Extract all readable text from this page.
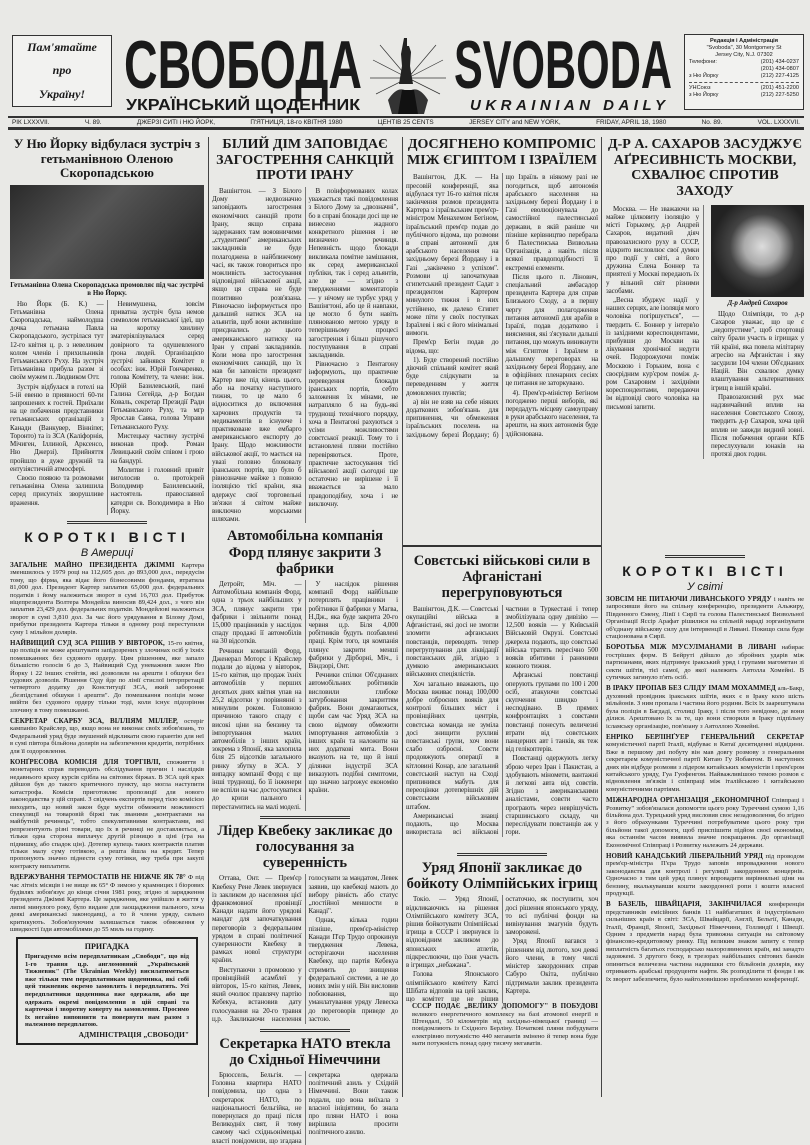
Пам'ятайте
про
Україну! СВОБОДА
УКРАЇНСЬКИЙ ЩОДЕННИК
SVOBODA
UKRAINIAN DAILY
Редакція і Адміністрація
"Svoboda", 30 Montgomery St
Jersey City, N.J. 07302
Телефони:	(201) 434-0237
(201) 434-0807
з Ню Йорку	(212) 227-4125
УНСоюз	(201) 451-2200
з Ню Йорку	(212) 227-5250
РІК LXXXVII.	Ч. 89.	ДЖЕРЗІ СИТІ і НЮ ЙОРК,	П'ЯТНИЦЯ, 18-го КВІТНЯ 1980	ЦЕНТІВ 25 CENTS	JERSEY CITY and NEW YORK,	FRIDAY, APRIL 18, 1980	No. 89.	VOL. LXXXVII.
У Ню Йорку відбулася зустріч з гетьманівною Оленою Скоропадською
Гетьманівна Олена Скоропадська промовляє під час зустрічі в Ню Йорку.

Ню Йорк (Б. К.) — Гетьманівна Олена Скоропадська, наймолодша дочка гетьмана Павла Скоропадського, зустрілася тут 12-го квітня ц. р. з невеликим колом членів і прихильників Гетьманського Руху. На зустріч Гетьманівна прибула разом зі своїм мужем п. Людвиком Отт.

Зустріч відбулася в готелі на 5-ій евеню в приявності 60-ти запрошених к гостей. Приїхали на це побачення представники гетьманських організацій з Канади (Ванкувер, Вінніпег, Торонто) та із ЗСА (Каліфорнія, Мічиген, Іллиной, Арксенсо, Ню Джерзі). Прийняття пройшло в дуже дружній та ентузіястичній атмосфері.

Своєю появою та розмовами гетьманівна Олена залишила серед присутніх зворушливе враження.

Невимушена, зовсім приватна зустріч була немов символом гетьманської ідеї, що на коротку хвилину зматеріялізувалася серед довірного та одушевленого ґрона людей. Організацією зустрічі зайнявся Комітет в особах: інж. Юрій Гончаренко, голова Комітету, та члени: інж. Юрій Базилевський, пані Галина Сегейда, д-р Богдан Коваль, секретар Президії Ради Гетьманського Руху, та мгр Ярослав Савка, голова Управи Гетьманського Руху.

Мистецьку частину зустрічі виконав проф. Роман Левицький своїм співом і грою на бандурі.

Молитви і головний привіт виголосив о. протоієрей Володимир Базилевський, настоятель православної катедри св. Володимира в Ню Йорку.

КОРОТКІ ВІСТІ
В Америці
ЗАГАЛЬНЕ МАЙНО ПРЕЗИДЕНТА ДЖІММІ Картера зменшилось у 1979 році на 112,605 дол. до 893,000 дол., передусім тому, що фірма, яка відає його бізнесовими фондами, втратила 81,000 дол. Президент Картер заплатив 65,000 дол. федеральних податків і йому належиться зворот в сумі 16,703 дол. Прибуток віцепрезидента Волтера Мондейла виносив 89,424 дол., з чого він заплатив 23,429 дол. федеральних податків. Мондейлові належиться зворот в сумі 3,810 дол. За час його урядування в Білому Домі, прибутки президента Картера тільки в одному році переступили суму 1 мільйон долярів.
НАЙВИЩИЙ СУД ЗСА РІШИВ У ВІВТОРОК, 15-го квітня, що поліція не може арештувати запідозрених у злочинах осіб у їхніх помешканнях без судового ордеру. Цим рішенням, яке запало більшістю голосів 6 до 3, Найвищий Суд уневажнив закон Ню Йорку і 22 інших стейтів, які дозволяли на арешти і обшуки без судових дозволів. Рішення Суду йде по лінії стислої інтерпретації четвертого додатку до Конституції ЗСА, який забороняє „безпідставні обшуки і арешти". До помешкання поліція може ввійти без судового ордеру тільки тоді, коли існує підозріння злочину в тому помешканні.
СЕКРЕТАР СКАРБУ ЗСА, ВІЛЛІЯМ МІЛЛЕР, остеріг кампанію Крайслер, що, якщо вона не виконає своїх зобов'язань, то Федеральний уряд буде змушений відкликати свою гарантію для неї в сумі півтора більйона долярів на забезпечення кредитів, потрібних для її оздоровлення.
КОНҐРЕСОВА КОМІСІЯ ДЛЯ ТОРГІВЛІ, споживття і монетарних справ переводить обслідування причин і наслідків недавнього краху курсів срібла на світових біржах. В ЗСА цей крах дійшов був до такого критичного пункту, що могла наступити катастрофа. Комісія приготовляє пропозиції для нового законодавства у цій справі. З свідчень експертів перед тією комісією виходить, що новий закон буде мусіти обмежити можливості спекуляції на товаровій біржі так званими „контрактами на майбутній речинець", тобто спекулятивними контрактами, які репрезентують різні товари, що їх в речинці не доставляється, а тільки одна сторона виплачує другій різницю в ціні (гра на підвишку, або спадок цін). Дотепер купець таких контрактів платив тільки малу суму готівкою, а решта йшла на кредит. Тепер пропонують значно піднести суму готівки, яку треба при закупі контракту виплатити.
ВДЕРЖУВАННЯ ТЕРМОСТАТІВ НЕ НИЖЧЕ ЯК 78° Ф під час літніх місяців і не вище як 65° Ф зимою у крамницях і біорових будівлях зобов'язує до кінця січня 1981 року, згідно зі зарядження президента Джіммі Картера. Це зарядження, яке увійшло в життя у липні минулого року, було видане для заощадження пального, хоча деякі американські законодавці, а то й члени уряду, сильно критикують. Зобов'язуючим залишається також обмеження у швидкості їзди автомобілями до 55 миль на годину.
ПРИГАДКА
Пригадуємо всім передплатникам „Свободи", що від 1-го травня ц.р. англомовний „Український Тижневик" (The Ukrainian Weekly) висилатиметься вже тільки тим передплатникам щоденника, які собі цей тижневик окремо замовлять і передплатять. Усі передплатники щоденника вже одержали, або ще одержать окремі повідомлення в цій справі та карточки і зворотну коверту на замовлення. Просимо їх негайно виповнити та повернути нам разом з належною передплатою.
АДМІНІСТРАЦІЯ „СВОБОДИ"
БІЛИЙ ДІМ ЗАПОВІДАЄ ЗАГОСТРЕННЯ САНКЦІЙ ПРОТИ ІРАНУ

Вашінгтон. — З Білого Дому недвозначно заповідають загострення економічних санкцій проти Ірану, якщо справа задержаних там вояовничими „студентами" американських закладників не буде полагоджена в найближчому часі, як також говориться про можливість застосування відповідної військової акції, якщо ця справа не буде позитивно розв'язана. Рівночасно інформується про дальший натиск ЗСА на альянтів, щоб вони активніше приєднались до цього американського натиску на Іран у справі закладників. Коли мова про загострення економічних санкцій, що їх мав би заповісти президент Картер вже під кінець цього, або на початку наступного тижня, то це мало б відноситися до включення харчових продуктів та медикаментів в існуюче і практиковане вже ембарго американського експорту до Ірану. Щодо можливости військової акції, то мається на увазі головно блоковалу іранських портів, що було б рівнозначне майже з повною ізоляцією тієї країни, яка вдержує свої торговельні зв'язки зі світом майже виключно морськими шляхами.

В поінформованих колах уважається такі повідомлення з Білого Дому за „двозначні", бо в справі блокади досі ще не винесено жадного конкретного рішення і не визначено речинця. Непевність щодо блокади викликала помітне замішання, як серед американської публіки, так і серед альянтів, але це — згідно з твердженнями коментаторів — у нічому не турбує уряд у Вашінгтоні, або це й навпаки, це могло б бути навіть плянованою метою уряду в теперішньому процесі загострення і більш рішучого поступування в справі закладників.

Рівночасно з Пентагону інформують, що практичне переведення блокади іранських портів, себто заложення їх мінами, не натрапляло б на будь-які труднощі технічного порядку, хоча в Пентагоні рахуються з усіми можливостями совєтської реакції. Тому то і встановлені пляни постійно перевіряються. Проте, практичне застосування тієї військової акції сьогодні ще остаточно не вирішене і її вважається за мало правдоподібну, хоча і не виключну.

Автомобільна компанія Форд плянує закрити 3 фабрики

Детройт, Міч. — Автомобільна компанія Форд, одна з трьох найбільших у ЗСА, плянує закрити три фабрики і звільнити понад 15,000 працівників у наслідок спаду продажі її автомобілів на 30 відсотків.

Речники компаній Форд, Дженерал Моторс і Крайслер подали до відома у вівторок, 15-го квітня, що продаж їхніх автомобілів у перших десятьох днях квітня упав на 25,2 відсотки у порівнянні з минулим роком. Головною причиною такого спаду є високі ціни на бензину та імпортування малих автомобілів з інших країн, зокрема з Японії, яка захопила біля 25 відсотків загального ринку збутку в ЗСА. У випадку компанії Форд є ще інші труднощі, бо її інженери не вспіли на час достосуватися до кризи пального і перестawитись на малі моделі.

У наслідок рішення компанії Форд найбільше потерплять працівники і робітники її фабрики у Магва, Н.Дж., яка буде закрита 20-го червня ц.р. Біля 4,000 робітників будуть позбавлені праці. Крім того, ця компанія плянує закрити менші фабрики у Дірборні, Міч., і Віндзорі, Онт.

Речники спілки Об'єднаних автомобільних робітників висловили глибоке затурбовання закриттям фабрик. Вони домагаються, щоби сам час Уряд ЗСА на свою відмову обмежити імпортування автомобілів з інших країн та наложити на них додаткові мита. Вони вказують на те, що й інші ділянки індустрії ЗСА виказують подібні симптоми, що значно загрожує економію країни.

Лідер Квебеку закликає до голосування за суверенність

Оттава, Онт. — Прем'єр Квебеку Рене Левек звернувся із закликом до населення цієї франкомовної провінції Канади надати його урядові мандат для започаткування переговорів з федеральним урядом в справі політичної суверенности Квебеку в рамках нової структури країни.

Виступаючи з промовою у провінційній асамблеї у вівторок, 15-го квітня, Левек, який очолює правлячу партію Кебекуа, встановив дату голосування на 20-го травня ц.р. Закликаючи населення голосувати за мандатом, Левек заявив, що квебекці мають до вибору рівність або статус „постійної меншости в Канаді".

Однак, кілька годин пізніше, прем'єр-міністер Канади П'єр Трудо опрокинув твердження Левека, остерігаючи населення Квебеку, що партія Кебекуа стримить до знищення федеральної системи, а не до нових змін у ній. Він висловив побоювання, що уманлатування уряду Левеска до переговорів приведе до застою.

Секретарка НАТО втекла до Східньої Німеччини

Брюссель, Бельгія. — Головна квартира НАТО повідомила, що одна з секретарок НАТО, по національності бельгійка, не повернулася до праці після Великодніх свят, й тому самому часі східньонімецькі власті повідомили, що згадана секретарка одержала політичний азиль у Східній Німеччині. Вони також подали, що вона виїхала з власної ініціятиви, бо знала про пляни НАТО і вона вирішила просити політичного азилю.

ДОСЯГНЕНО КОМПРОМІС МІЖ ЄГИПТОМ І ІЗРАЇЛЕМ

Вашінгтон, Д.К. — На пресовій конференції, яка відбулася тут 16-го квітня після закінчення розмов президента Картера з ізраїльським прем'єр-міністром Менахемом Бегіном, ізраїльський прем'єр подав до публічного відома, що розмови в справі автономії для арабського населення на західньому березі Йордану і в Газі „закінчено з успіхом". Розмови ці започаткував єгипетський президент Садат з президентом Картером минулого тижня і в них устійнено, як далеко Єгипет може піти у своїх поступках Ізраїлеві і які є його мінімальні вимоги.

Прем'єр Бегін подав до відома, що:

1). Буде створений постійно діючий спільний комітет який буде слідкувати за переведенням у життя домовлених пунктів;

а) він не взяв на себе ніяких додаткових зобов'язань для припинення, чи обмеження ізраїльських поселень на західньому березі Йордану; б) що Ізраїль в ніякому разі не погодиться, щоб автономія арабського населення на західньому березі Йордану і в Газі еволюціонувала до самостійної палестинської держави, в якій раніше чи пізніше керівництво перебрала б Палестинська Визвольна Організація, а навіть після всякої правдоподібності її екстремні елементи.

Після цього п. Лінович, спеціальний амбасадор президента Картера для справ Близького Сходу, а в першу чергу для полагодження питання автономії для арабів в Ізраїлі, подав додатково і вияснення, які з'ясували дальші питання, що можуть виникнути між Єгиптом і Ізраїлем в дальшому переговорах на західньому березі Йордану, але в офіційних пленарних сесіях це питання не заторкувано.

4). Прем'єр-міністер Бегіном погоджено перші виборів, які передадуть місцеву самоуправу в руки арабського населення, та арешти, на яких автономія буде здійснювана.

Совєтські військові сили в Афганістані перегруповуються

Вашінгтон, Д.К. — Совєтські окупаційні війська в Афганістані, які досі не змогли зломити афганських повстанців, переводять тепер перегрупування для ліквідації повстанських дій, згідно з думкою американських військових спеціялістів.

Хоч загально вважають, що Москва вживає понад 100,000 добре озброєних вояків для контролі більших міст і провінційних центрів, совєтська команда не зуміла досі знищити рухливі повстанські групи, хоч вони слабо озброєні. Совєти продовжують операції в кітловині Конар, але загальний совєтський наступ на Сході припинився мабуть для переоцінки дотеперішніх дій совєтським військовим штабом.

Американські знавці подають, що Москва використала всі військові частини в Туркестані і тепер змобілізувала одну дивізію — 12,500 вояків — у Київській Військовій Окрузі. Совєтські джерела подають, що совєтські війська тратять пересічно 500 вояків вбитими і раненими кожного тижня.

Афганські повстанці оперують групами по 100 і 200 осіб, атакуючи совєтські скупчення швидко і несподівано. В прямих конфронтаціях з совєтами повстанці понесуть величезні втрати від совєтських панцерних авт і танків, як теж від гелікоптерів.

Повстанці одержують легку зброю через Іран і Пакистан, а здобувають міномети, вантажні й легкові авта від совєтів. Згідно з американськими аналістами, совєти часто програють через неврішучість старшинського складу, чи переслідувати повстанців аж у гори.

Уряд Японії закликає до бойкоту Олімпійських ігрищ

Токіо. — Уряд Японії, відкликаючись на рішення Олімпійського комітету ЗСА, рішив бойкотувати Олімпійські ігрища в СССР і звернувся із відповідним закликом до японських атлетів, підкреслюючи, що їхня участь в ігрищах „небажана".

Голова Японського олімпійського комітету Катсі Шібата відповів на цей заклик, що комітет ще не рішив остаточно, як поступити, хоч досі рішення японського уряду, то всі публічні фонди на вивінування змагунів будуть заморожені.

Уряд Японії вагався з рішенням від лютого, хоч деякі його члени, в тому числі міністер закордонних справ Сабуро Окіта, публічно підтримали заклик президента Картера.

СССР ПОДАЄ „ВЕЛИКУ ДОПОМОГУ" В ПОБУДОВІ великого енергетичного комплексу на базі атомової енергії в Штендалі, 50 кілометрів від західньо-німецької границі — повідомляють із Східного Берліну. Початкові пляни побудувати електрівню потужністю 440 мегаватів змінено й тепер вона буде мати потужність понад одну тисячу мегаватів.
Д-Р А. САХАРОВ ЗАСУДЖУЄ АҐРЕСИВНІСТЬ МОСКВИ, СХВАЛЮЄ СПРОТИВ ЗАХОДУ

Москва. — Не зважаючи на майже цілковиту ізоляцію у місті Горькому, д-р Андрей Сахаров, видатний діяч правозахисного руху в СССР, відкрито висловлює свої думки про події у світі, а його дружина Єлена Боннер та приятелі у Москві передають їх у вільний світ різними засобами.

„Весна збуджує надії у наших серцях, але ізоляція мого чоловіка погіршується", — твердить Є. Боннер у інтерв'ю із західними кореспондентами, прибувши до Москви на лікування хронічної недуги очей. Подорожуючи поміж Москвою і Горьким, вона є своєрідним кур'єром поміж д-ром Сахаровим і західніми кореспондентами, передаючи їм відповіді свого чоловіка на письмові запити.

Д-р Андрей Сахаров

Щодо Олімпіяди, то д-р Сахаров уважає, що це є „недопустиме", щоб спортовці світу брали участь в ігрищах у тій країні, яка повела мілітарну агресію на Афганістан і яку засудили 104 члени Об'єднаних Націй. Він схвалює думку влаштування альтернативних ігрищ в іншій країні.

Правозахисний рух має надзвичайний вплив на населення Совєтського Союзу, твердить д-р Сахаров, хоча цей вплив не завжди видний зовні. Після побачення органи КҐБ переслухували юнаків на протязі двох годин.

КОРОТКІ ВІСТІ
У світі
ЗОВСІМ НЕ ПИТАЮЧИ ЛИВАНСЬКОГО УРЯДУ і навіть не запросивши його на спільну конференцію, президенти Альжиру, Південного Ємену, Лівії і Сирії та голова Палестинської Визвольної Організації Яссір Арафат рішилися на спільній нараді зорганізувати об'єднану військову силу для інтервенції в Ливані. Покищо сила буде стаціонована в Сирії.
БОРОТЬБА МІЖ МУСУЛМАНАМИ В ЛИВАНІ набирає гостріших форм. В Бейруті дійшло до збройних ударів між партизанами, яких підтримує іракський уряд і групами магометан зі секти шіїтів, тієї самої, до якої належить Аятолла Хомейні. В сутичках загинуло п'ять осіб.
В ІРАКУ ПРОПАВ БЕЗ СЛІДУ ІМАМ МОХАММЕД аль-Бакр, духовний провідник іракських шіїтів, яких є в Іраку коло шість мільйонів. З ним пропала і частина його родини. Всіх їх заарештувала була поліція в Багдаді, столиці Іраку, і після того невідомо, де вони ділися. Арештовано їх за те, що вони створили в Іраку підпільну ісламську організацію, пов'язану з Аятоллою Хомейні.
ЕНРІКО БЕРЛІНҐУЕР ГЕНЕРАЛЬНИЙ СЕКРЕТАР комуністичної партії Італії, відбуває в Китаї десятиденні відвідини. Вже в першому дні побуту він мав довгу розмову з генеральним секретарем комуністичної партії Китаю Гу Яобангом. В наступних днях він відбуде розмови з лідером китайських комуністів і прем'єром китайського уряду, Гуа Гуофенгом. Найважливішою темою розмов є відновлення зв'язків і співпраці між італійською і китайською комуністичними партіями.
МІЖНАРОДНА ОРГАНІЗАЦІЯ „ЕКОНОМІЧНОЇ Співпраці і Розвитку" зобов'язалася допомогти цього року Туреччині сумою 1,16 більйона дол. Турецький уряд висловив своє незадоволення, бо згідно з його обрахунками Туреччині потребуватиме цього року три більйони такої допомоги, щоб приспішити підйом своєї економіки, яка останнім часом виявила значне покращання. До організації Економічної Співпраці і Розвитку належать 24 держави.
НОВИЙ КАНАДСЬКИЙ ЛІБЕРАЛЬНИЙ УРЯД під проводом прем'єр-міністра П'єра Трудо заповів впровадження нового законодавства для контролі і регуляції закордонних концернів. Одночасно з тим цей уряд плянує впровадити вирівняльні ціни на бензину, вкалькувавши кошти закордонної ропи і кошти власної продукції.
В БАЗЕЛЬ, ШВАЙЦАРІЯ, ЗАКІНЧИЛАСЯ конференція представників емісійних банків 11 найбагатших й індустріяльно сильніших країн в світі: ЗСА, Швайцарії, Англії, Бельгії, Канади, Італії, Франції, Японії, Західньої Німеччини, Голляндії і Швеції. Одним з предметів нарад була тривожна ситуація на світовому фінансово-кредитовому ринку. Під великим знаком запиту є тепер виплатність багатьох господарсько малорозвинених країн, які занадто задовжені. З другого боку, в трезорах найбільших світових банків опиниться величезна частина надвишки сто більйонів долярів, яку отримають арабські продуценти нафти. Як розподілити ті фонди і як їх зворот забезпечити, було найголовнішою проблемою конференції.
